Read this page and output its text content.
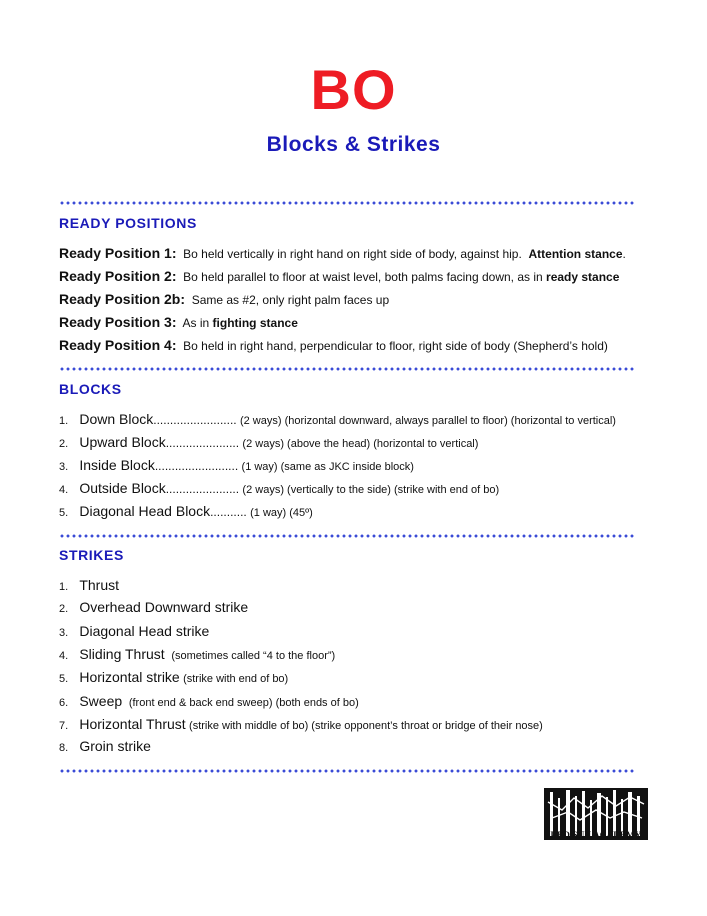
BO
Blocks & Strikes
READY POSITIONS
Ready Position 1: Bo held vertically in right hand on right side of body, against hip. Attention stance.
Ready Position 2: Bo held parallel to floor at waist level, both palms facing down, as in ready stance
Ready Position 2b: Same as #2, only right palm faces up
Ready Position 3: As in fighting stance
Ready Position 4: Bo held in right hand, perpendicular to floor, right side of body (Shepherd’s hold)
BLOCKS
1. Down Block......................... (2 ways) (horizontal downward, always parallel to floor) (horizontal to vertical)
2. Upward Block...................... (2 ways) (above the head) (horizontal to vertical)
3. Inside Block......................... (1 way) (same as JKC inside block)
4. Outside Block...................... (2 ways) (vertically to the side) (strike with end of bo)
5. Diagonal Head Block........... (1 way) (45º)
STRIKES
1. Thrust
2. Overhead Downward strike
3. Diagonal Head strike
4. Sliding Thrust (sometimes called “4 to the floor”)
5. Horizontal strike (strike with end of bo)
6. Sweep (front end & back end sweep) (both ends of bo)
7. Horizontal Thrust (strike with middle of bo) (strike opponent’s throat or bridge of their nose)
8. Groin strike
RED SUN ACADEMY
